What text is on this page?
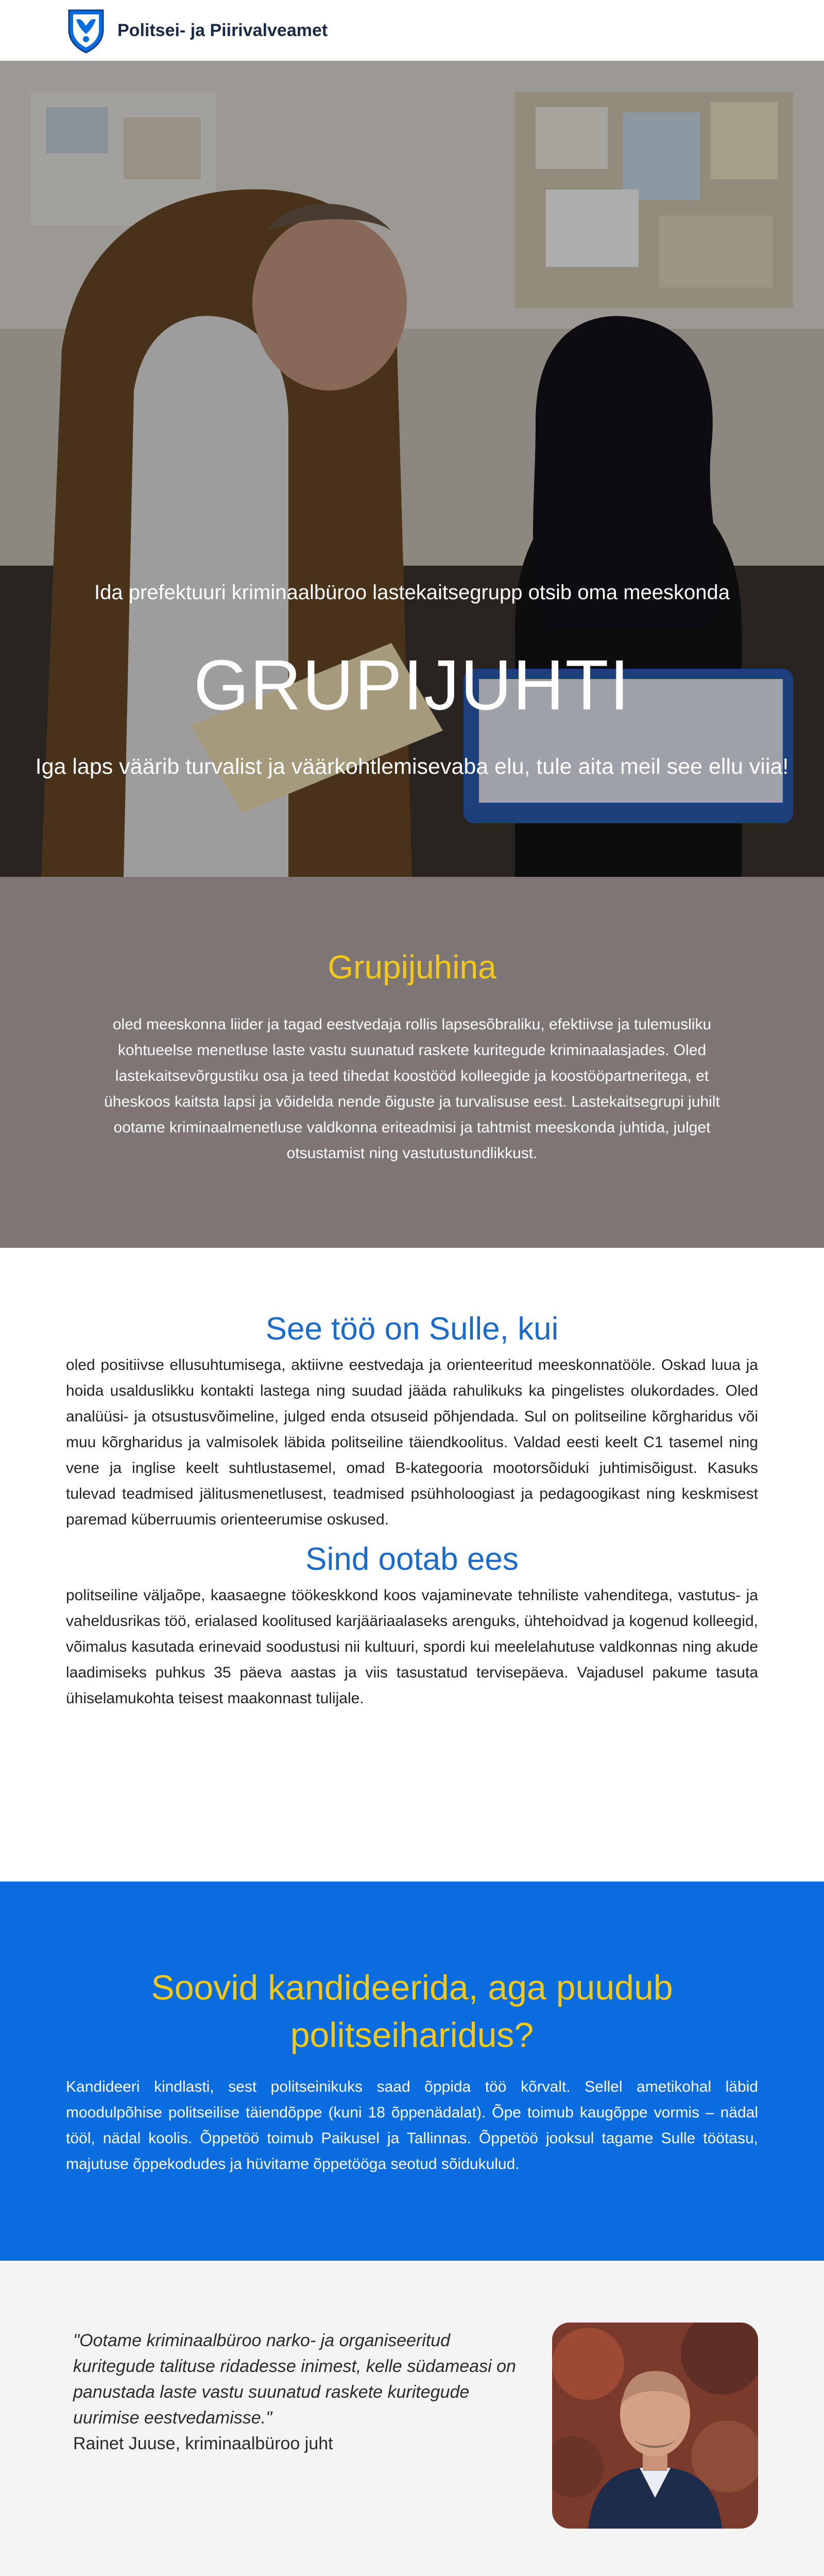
Politsei- ja Piirivalveamet

Ida prefektuuri kriminaalbüroo lastekaitsegrupp otsib oma meeskonda

GRUPIJUHTI

Iga laps väärib turvalist ja väärkohtlemisevaba elu, tule aita meil see ellu viia!

Grupijuhina

oled meeskonna liider ja tagad eestvedaja rollis lapsesõbraliku, efektiivse ja tulemusliku kohtueelse menetluse laste vastu suunatud raskete kuritegude kriminaalasjades. Oled lastekaitsevõrgustiku osa ja teed tihedat koostööd kolleegide ja koostööpartneritega, et üheskoos kaitsta lapsi ja võidelda nende õiguste ja turvalisuse eest. Lastekaitsegrupi juhilt ootame kriminaalmenetluse valdkonna eriteadmisi ja tahtmist meeskonda juhtida, julget otsustamist ning vastutustundlikkust.

See töö on Sulle, kui

oled positiivse ellusuhtumisega, aktiivne eestvedaja ja orienteeritud meeskonnatööle. Oskad luua ja hoida usalduslikku kontakti lastega ning suudad jääda rahulikuks ka pingelistes olukordades. Oled analüüsi- ja otsustusvõimeline, julged enda otsuseid põhjendada. Sul on politseiline kõrgharidus või muu kõrgharidus ja valmisolek läbida politseiline täiendkoolitus. Valdad eesti keelt C1 tasemel ning vene ja inglise keelt suhtlustasemel, omad B-kategooria mootorsõiduki juhtimisõigust. Kasuks tulevad teadmised jälitusmenetlusest, teadmised psühholoogiast ja pedagoogikast ning keskmisest paremad küberruumis orienteerumise oskused.

Sind ootab ees

politseiline väljaõpe, kaasaegne töökeskkond koos vajaminevate tehniliste vahenditega, vastutus- ja vaheldusrikas töö, erialased koolitused karjääriaalaseks arenguks, ühtehoidvad ja kogenud kolleegid, võimalus kasutada erinevaid soodustusi nii kultuuri, spordi kui meelelahutuse valdkonnas ning akude laadimiseks puhkus 35 päeva aastas ja viis tasustatud tervisepäeva. Vajadusel pakume tasuta ühiselamukohta teisest maakonnast tulijale.

Soovid kandideerida, aga puudub politseiharidus?

Kandideeri kindlasti, sest politseinikuks saad õppida töö kõrvalt. Sellel ametikohal läbid moodulpõhise politseilise täiendõppe (kuni 18 õppenädalat). Õpe toimub kaugõppe vormis – nädal tööl, nädal koolis. Õppetöö toimub Paikusel ja Tallinnas. Õppetöö jooksul tagame Sulle töötasu, majutuse õppekodudes ja hüvitame õppetööga seotud sõidukulud.

"Ootame kriminaalbüroo narko- ja organiseeritud kuritegude talituse ridadesse inimest, kelle südameasi on panustada laste vastu suunatud raskete kuritegude uurimise eestvedamisse."

Rainet Juuse, kriminaalbüroo juht
